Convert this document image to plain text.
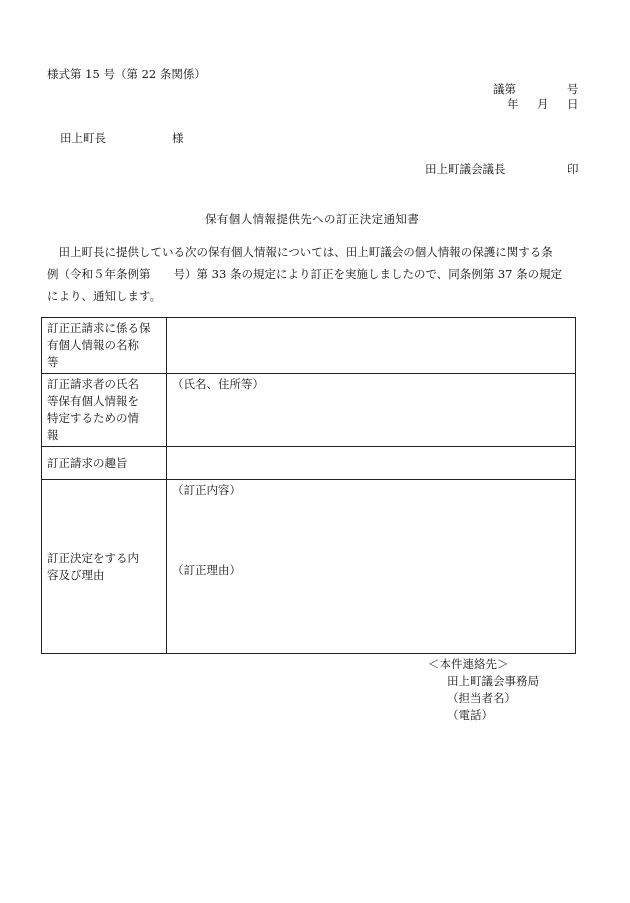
様式第 15 号（第 22 条関係）
議第	号
年 月 日
田上町長	様
田上町議会議長	印
保有個人情報提供先への訂正決定通知書
　田上町長に提供している次の保有個人情報については、田上町議会の個人情報の保護に関する条
例（令和５年条例第　　号）第 33 条の規定により訂正を実施しましたので、同条例第 37 条の規定
により、通知します。
訂正正請求に係る保
有個人情報の名称
等	

訂正請求者の氏名
等保有個人情報を
特定するための情
報	（氏名、住所等）

訂正請求の趣旨	

訂正決定をする内
容及び理由	（訂正内容）
（訂正理由）
＜本件連絡先＞
田上町議会事務局
（担当者名）
（電話）
